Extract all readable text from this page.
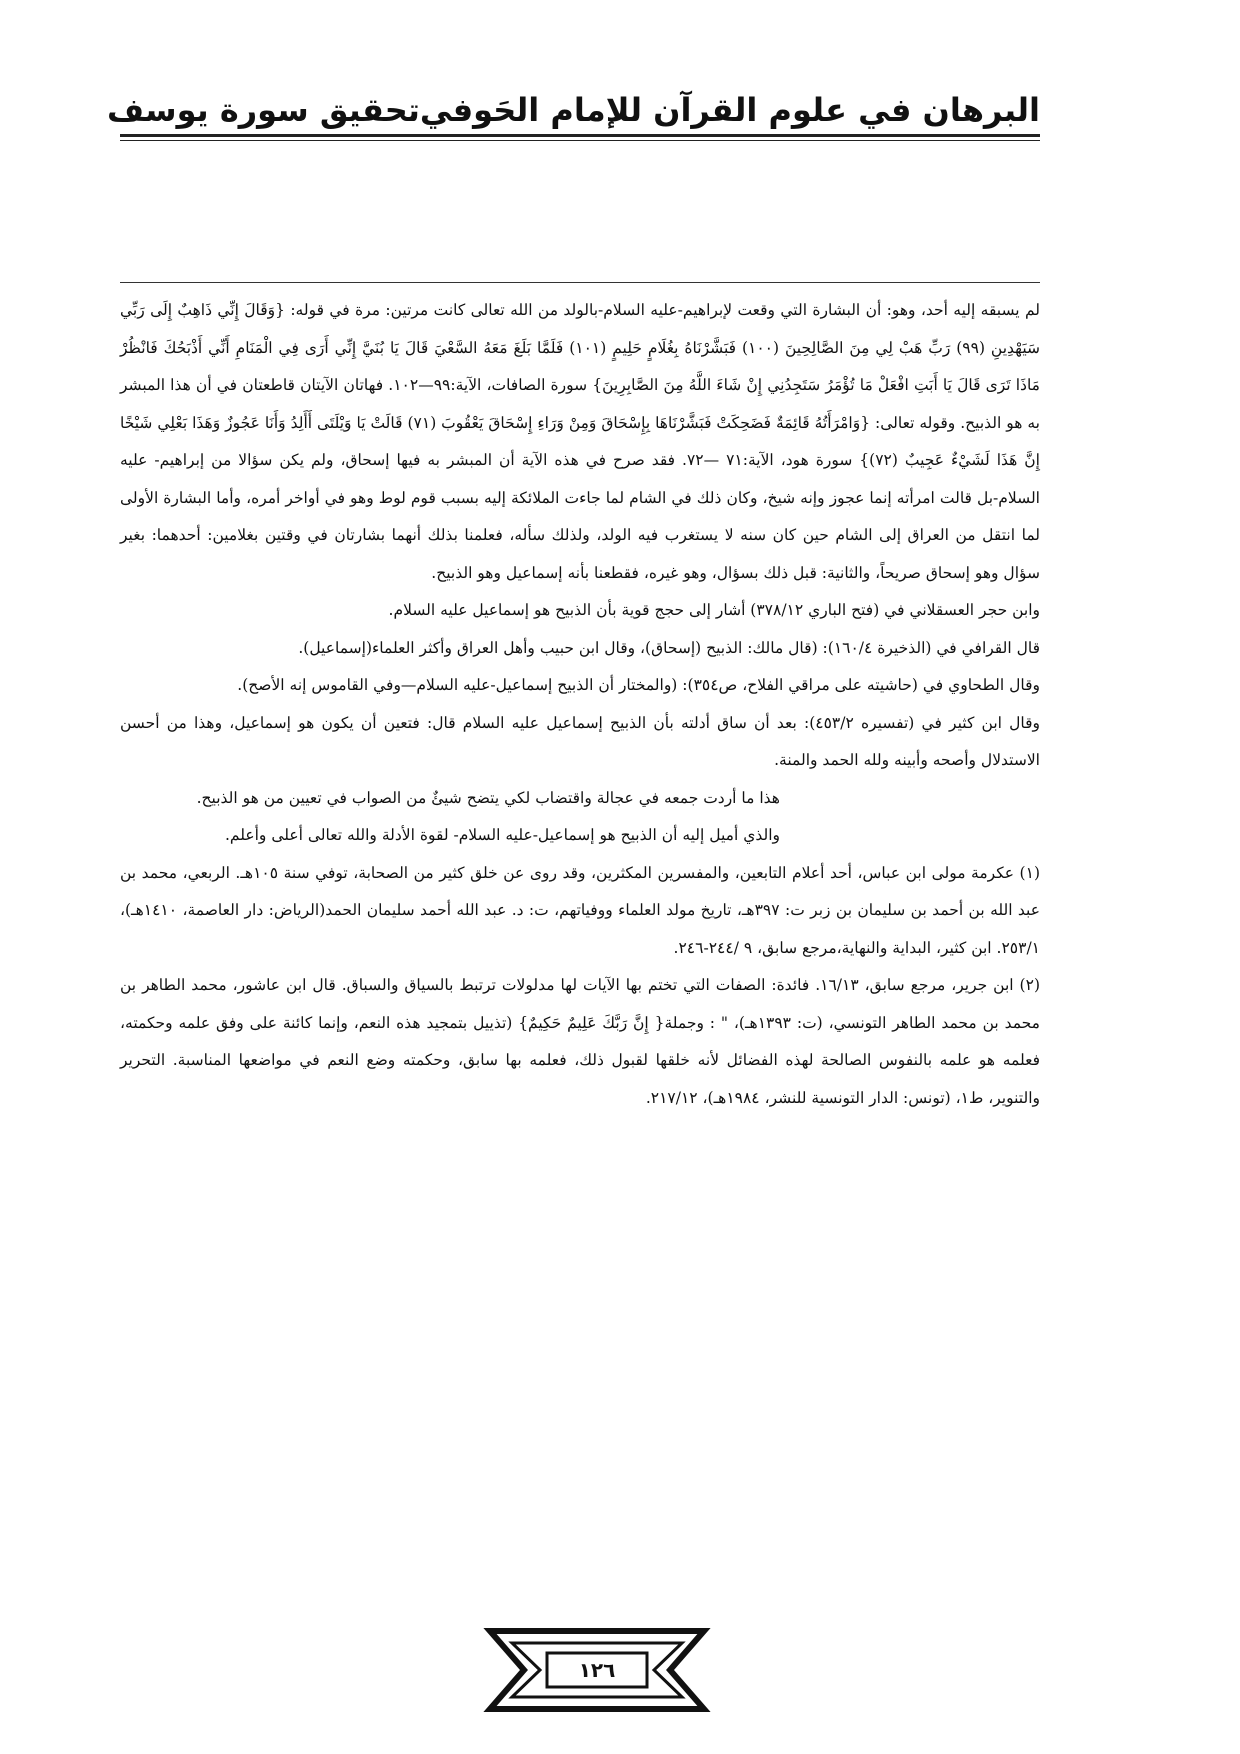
البرهان في علوم القرآن للإمام الحَوفي
تحقيق سورة يوسف

لم يسبقه إليه أحد، وهو: أن البشارة التي وقعت لإبراهيم-عليه السلام-بالولد من الله تعالى كانت مرتين: مرة في قوله: {وَقَالَ إِنِّي ذَاهِبٌ إِلَى رَبِّي سَيَهْدِينِ (٩٩) رَبِّ هَبْ لِي مِنَ الصَّالِحِينَ (١٠٠) فَبَشَّرْنَاهُ بِغُلَامٍ حَلِيمٍ (١٠١) فَلَمَّا بَلَغَ مَعَهُ السَّعْيَ قَالَ يَا بُنَيَّ إِنِّي أَرَى فِي الْمَنَامِ أَنِّي أَذْبَحُكَ فَانْظُرْ مَاذَا تَرَى قَالَ يَا أَبَتِ افْعَلْ مَا تُؤْمَرُ سَتَجِدُنِي إِنْ شَاءَ اللَّهُ مِنَ الصَّابِرِينَ} سورة الصافات، الآية:٩٩—١٠٢. فهاتان الآيتان قاطعتان في أن هذا المبشر به هو الذبيح. وقوله تعالى: {وَامْرَأَتُهُ قَائِمَةٌ فَضَحِكَتْ فَبَشَّرْنَاهَا بِإِسْحَاقَ وَمِنْ وَرَاءِ إِسْحَاقَ يَعْقُوبَ (٧١) قَالَتْ يَا وَيْلَتَى أَأَلِدُ وَأَنَا عَجُوزٌ وَهَذَا بَعْلِي شَيْخًا إِنَّ هَذَا لَشَيْءٌ عَجِيبٌ (٧٢)} سورة هود، الآية:٧١ —٧٢. فقد صرح في هذه الآية أن المبشر به فيها إسحاق، ولم يكن سؤالا من إبراهيم- عليه السلام-بل قالت امرأته إنما عجوز وإنه شيخ، وكان ذلك في الشام لما جاءت الملائكة إليه بسبب قوم لوط وهو في أواخر أمره، وأما البشارة الأولى لما انتقل من العراق إلى الشام حين كان سنه لا يستغرب فيه الولد، ولذلك سأله، فعلمنا بذلك أنهما بشارتان في وقتين بغلامين: أحدهما: بغير سؤال وهو إسحاق صريحاً، والثانية: قبل ذلك بسؤال، وهو غيره، فقطعنا بأنه إسماعيل وهو الذبيح.

وابن حجر العسقلاني في (فتح الباري ٣٧٨/١٢) أشار إلى حجج قوية بأن الذبيح هو إسماعيل عليه السلام.

قال القرافي في (الذخيرة ١٦٠/٤): (قال مالك: الذبيح (إسحاق)، وقال ابن حبيب وأهل العراق وأكثر العلماء(إسماعيل).

وقال الطحاوي في (حاشيته على مراقي الفلاح، ص٣٥٤): (والمختار أن الذبيح إسماعيل-عليه السلام—وفي القاموس إنه الأصح).

وقال ابن كثير في (تفسيره ٤٥٣/٢): بعد أن ساق أدلته بأن الذبيح إسماعيل عليه السلام قال: فتعين أن يكون هو إسماعيل، وهذا من أحسن الاستدلال وأصحه وأبينه ولله الحمد والمنة.

هذا ما أردت جمعه في عجالة واقتضاب لكي يتضح شيئٌ من الصواب في تعيين من هو الذبيح.

والذي أميل إليه أن الذبيح هو إسماعيل-عليه السلام- لقوة الأدلة والله تعالى أعلى وأعلم.

(١) عكرمة مولى ابن عباس، أحد أعلام التابعين، والمفسرين المكثرين، وقد روى عن خلق كثير من الصحابة، توفي سنة ١٠٥هـ. الربعي، محمد بن عبد الله بن أحمد بن سليمان بن زبر ت: ٣٩٧هـ، تاريخ مولد العلماء ووفياتهم، ت: د. عبد الله أحمد سليمان الحمد(الرياض: دار العاصمة، ١٤١٠هـ)، ٢٥٣/١. ابن كثير، البداية والنهاية،مرجع سابق، ٩ /٢٤٤-٢٤٦.

(٢) ابن جرير، مرجع سابق، ١٦/١٣. فائدة: الصفات التي تختم بها الآيات لها مدلولات ترتبط بالسياق والسباق. قال ابن عاشور، محمد الطاهر بن محمد بن محمد الطاهر التونسي، (ت: ١٣٩٣هـ)، " : وجملة{ إِنَّ رَبَّكَ عَلِيمٌ حَكِيمٌ} (تذييل بتمجيد هذه النعم، وإنما كائنة على وفق علمه وحكمته، فعلمه هو علمه بالنفوس الصالحة لهذه الفضائل لأنه خلقها لقبول ذلك، فعلمه بها سابق، وحكمته وضع النعم في مواضعها المناسبة. التحرير والتنوير، ط١، (تونس: الدار التونسية للنشر، ١٩٨٤هـ)، ٢١٧/١٢.

١٢٦
